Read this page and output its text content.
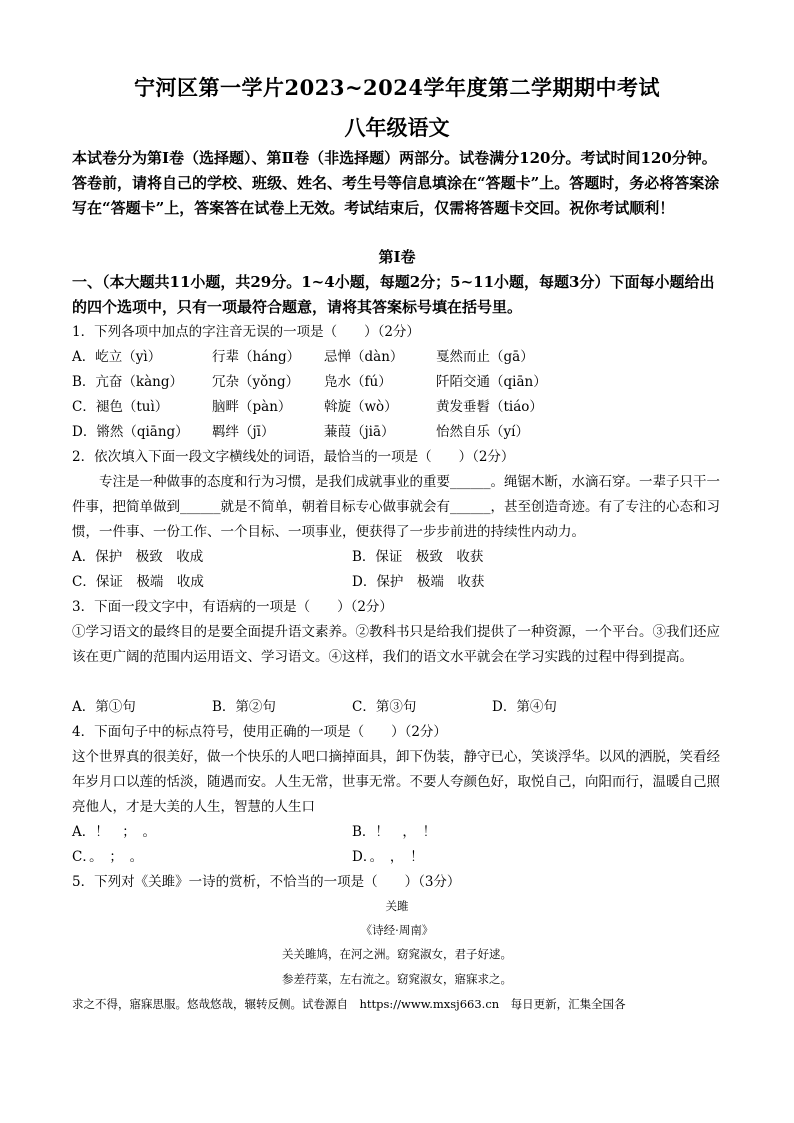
宁河区第一学片2023~2024学年度第二学期期中考试
八年级语文

本试卷分为第Ⅰ卷（选择题）、第Ⅱ卷（非选择题）两部分。试卷满分120分。考试时间120分钟。答卷前，请将自己的学校、班级、姓名、考生号等信息填涂在“答题卡”上。答题时，务必将答案涂写在“答题卡”上，答案答在试卷上无效。考试结束后，仅需将答题卡交回。祝你考试顺利！

第Ⅰ卷
一、（本大题共11小题，共29分。1~4小题，每题2分；5~11小题，每题3分）下面每小题给出的四个选项中，只有一项最符合题意，请将其答案标号填在括号里。
1．下列各项中加点的字注音无误的一项是（　　）（2分）
A．屹立（yì）	行辈（háng） 忌惮（dàn） 戛然而止（gā）
B．亢奋（kàng） 冗杂（yǒng） 凫水（fú）	阡陌交通（qiān）
C．褪色（tuì）	脑畔（pàn） 斡旋（wò）	黄发垂髫（tiáo）
D．锵然（qiāng） 羁绊（jī）	蒹葭（jiā）	怡然自乐（yí）
2．依次填入下面一段文字横线处的词语，最恰当的一项是（　　）（2分）

专注是一种做事的态度和行为习惯，是我们成就事业的重要______。绳锯木断，水滴石穿。一辈子只干一件事，把简单做到______就是不简单，朝着目标专心做事就会有______，甚至创造奇迹。有了专注的心态和习惯，一件事、一份工作、一个目标、一项事业，便获得了一步步前进的持续性内动力。

A．保护　极致　收成	B．保证　极致　收获
C．保证　极端　收成	D．保护　极端　收获
3．下面一段文字中，有语病的一项是（　　）（2分）

①学习语文的最终目的是要全面提升语文素养。②教科书只是给我们提供了一种资源，一个平台。③我们还应该在更广阔的范围内运用语文、学习语文。④这样，我们的语文水平就会在学习实践的过程中得到提高。

A．第①句	B．第②句	C．第③句	D．第④句
4．下面句子中的标点符号，使用正确的一项是（　　）（2分）

这个世界真的很美好，做一个快乐的人吧口摘掉面具，卸下伪装，静守已心，笑谈浮华。以风的洒脱，笑看经年岁月口以莲的恬淡，随遇而安。人生无常，世事无常。不要人夸颜色好，取悦自己，向阳而行，温暖自己照亮他人，才是大美的人生，智慧的人生口

A．！　；　。	B．！　，　！
C．。　；　。	D．。　，　！
5．下列对《关雎》一诗的赏析，不恰当的一项是（　　）（3分）
关雎
《诗经·周南》
关关雎鸠，在河之洲。窈窕淑女，君子好逑。
参差荇菜，左右流之。窈窕淑女，寤寐求之。
求之不得，寤寐思服。悠哉悠哉，辗转反侧。试卷源自　https://www.mxsj663.cn　每日更新，汇集全国各
